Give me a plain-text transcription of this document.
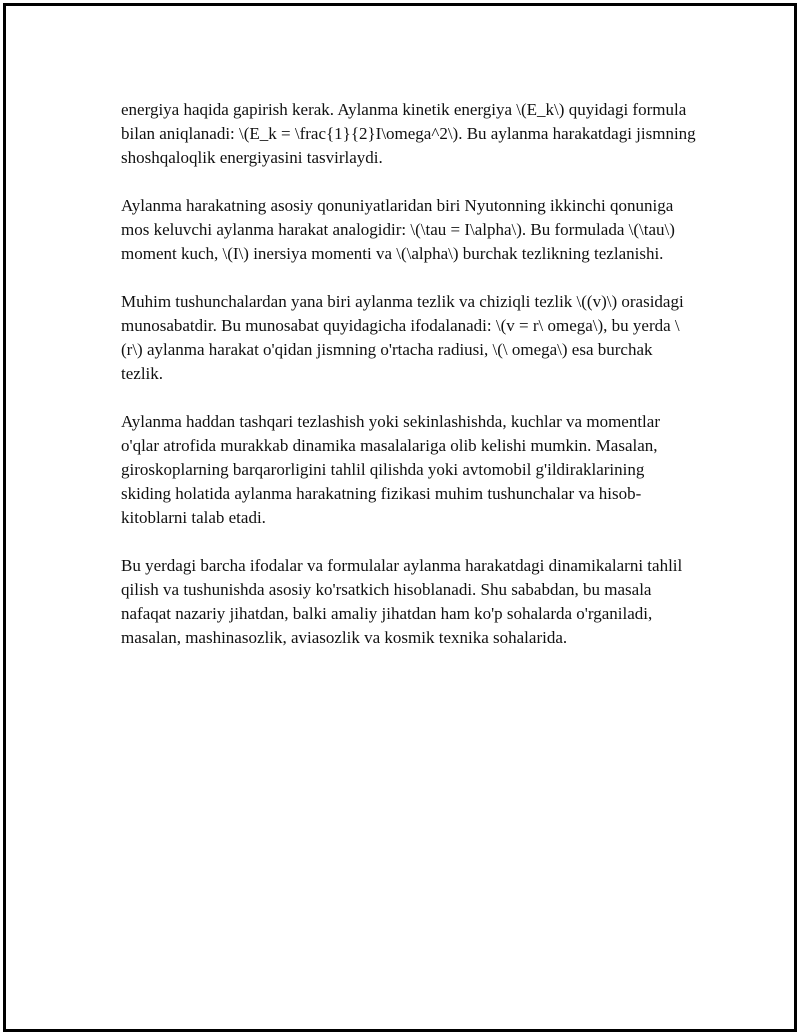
energiya haqida gapirish kerak. Aylanma kinetik energiya \(E_k\) quyidagi formula bilan aniqlanadi: \(E_k = \frac{1}{2}I\omega^2\). Bu aylanma harakatdagi jismning shoshqaloqlik energiyasini tasvirlaydi.

Aylanma harakatning asosiy qonuniyatlaridan biri Nyutonning ikkinchi qonuniga mos keluvchi aylanma harakat analogidir: \(\tau = I\alpha\). Bu formulada \(\tau\) moment kuch, \(I\) inersiya momenti va \(\alpha\) burchak tezlikning tezlanishi.

Muhim tushunchalardan yana biri aylanma tezlik va chiziqli tezlik \((v)\) orasidagi munosabatdir. Bu munosabat quyidagicha ifodalanadi: \(v = r\ omega\), bu yerda \(r\) aylanma harakat o'qidan jismning o'rtacha radiusi, \(\ omega\) esa burchak tezlik.

Aylanma haddan tashqari tezlashish yoki sekinlashishda, kuchlar va momentlar o'qlar atrofida murakkab dinamika masalalariga olib kelishi mumkin. Masalan, giroskoplarning barqarorligini tahlil qilishda yoki avtomobil g'ildiraklarining skiding holatida aylanma harakatning fizikasi muhim tushunchalar va hisob-kitoblarni talab etadi.

Bu yerdagi barcha ifodalar va formulalar aylanma harakatdagi dinamikalarni tahlil qilish va tushunishda asosiy ko'rsatkich hisoblanadi. Shu sababdan, bu masala nafaqat nazariy jihatdan, balki amaliy jihatdan ham ko'p sohalarda o'rganiladi, masalan, mashinasozlik, aviasozlik va kosmik texnika sohalarida.
